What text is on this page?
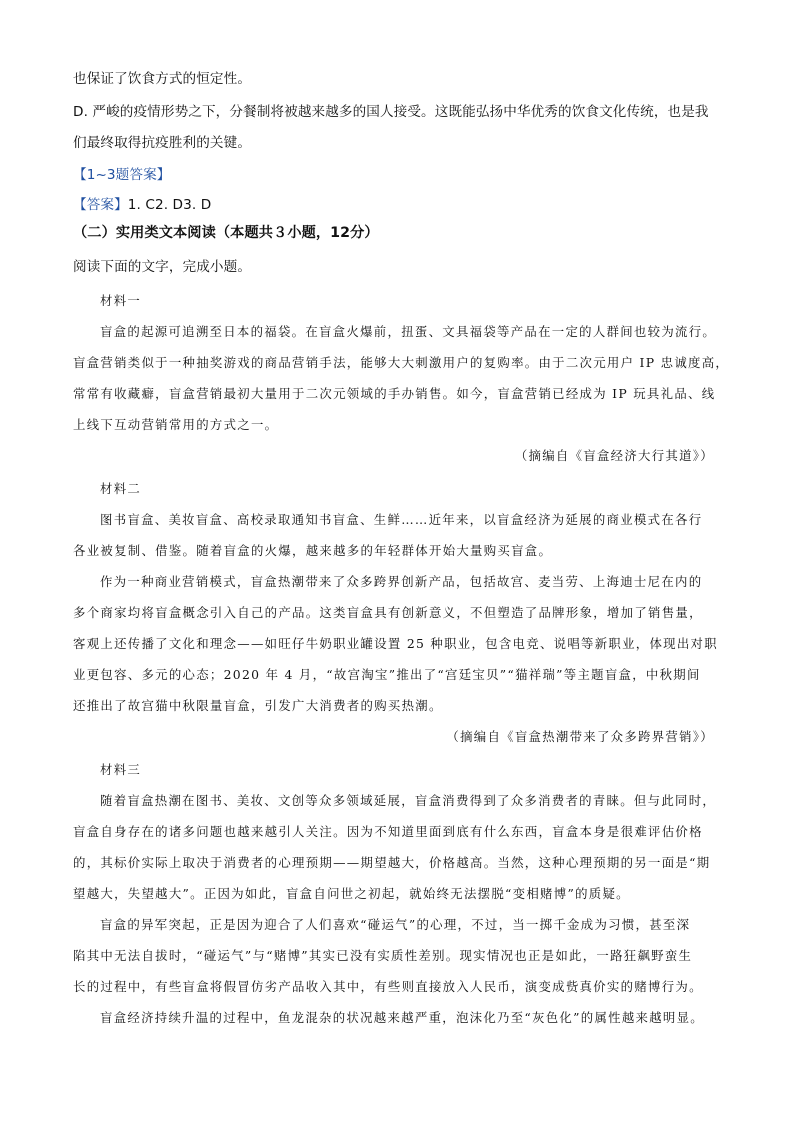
也保证了饮食方式的恒定性。

D. 严峻的疫情形势之下，分餐制将被越来越多的国人接受。这既能弘扬中华优秀的饮食文化传统，也是我

们最终取得抗疫胜利的关键。

【1~3题答案】

【答案】1. C2. D3. D

（二）实用类文本阅读（本题共３小题，12分）

阅读下面的文字，完成小题。

材料一

盲盒的起源可追溯至日本的福袋。在盲盒火爆前，扭蛋、文具福袋等产品在一定的人群间也较为流行。

盲盒营销类似于一种抽奖游戏的商品营销手法，能够大大刺激用户的复购率。由于二次元用户 IP 忠诚度高，

常常有收藏癖，盲盒营销最初大量用于二次元领域的手办销售。如今，盲盒营销已经成为 IP 玩具礼品、线

上线下互动营销常用的方式之一。

（摘编自《盲盒经济大行其道》）

材料二

图书盲盒、美妆盲盒、高校录取通知书盲盒、生鲜……近年来，以盲盒经济为延展的商业模式在各行

各业被复制、借鉴。随着盲盒的火爆，越来越多的年轻群体开始大量购买盲盒。

作为一种商业营销模式，盲盒热潮带来了众多跨界创新产品，包括故宫、麦当劳、上海迪士尼在内的

多个商家均将盲盒概念引入自己的产品。这类盲盒具有创新意义，不但塑造了品牌形象，增加了销售量，

客观上还传播了文化和理念——如旺仔牛奶职业罐设置 25 种职业，包含电竞、说唱等新职业，体现出对职

业更包容、多元的心态；2020 年 4 月，“故宫淘宝”推出了“宫廷宝贝”“猫祥瑞”等主题盲盒，中秋期间

还推出了故宫猫中秋限量盲盒，引发广大消费者的购买热潮。

（摘编自《盲盒热潮带来了众多跨界营销》）

材料三

随着盲盒热潮在图书、美妆、文创等众多领域延展，盲盒消费得到了众多消费者的青睐。但与此同时，

盲盒自身存在的诸多问题也越来越引人关注。因为不知道里面到底有什么东西，盲盒本身是很难评估价格

的，其标价实际上取决于消费者的心理预期——期望越大，价格越高。当然，这种心理预期的另一面是“期

望越大，失望越大”。正因为如此，盲盒自问世之初起，就始终无法摆脱“变相赌博”的质疑。

盲盒的异军突起，正是因为迎合了人们喜欢“碰运气”的心理，不过，当一掷千金成为习惯，甚至深

陷其中无法自拔时，“碰运气”与“赌博”其实已没有实质性差别。现实情况也正是如此，一路狂飙野蛮生

长的过程中，有些盲盒将假冒仿劣产品收入其中，有些则直接放入人民币，演变成赀真价实的赌博行为。

盲盒经济持续升温的过程中，鱼龙混杂的状况越来越严重，泡沫化乃至“灰色化”的属性越来越明显。
